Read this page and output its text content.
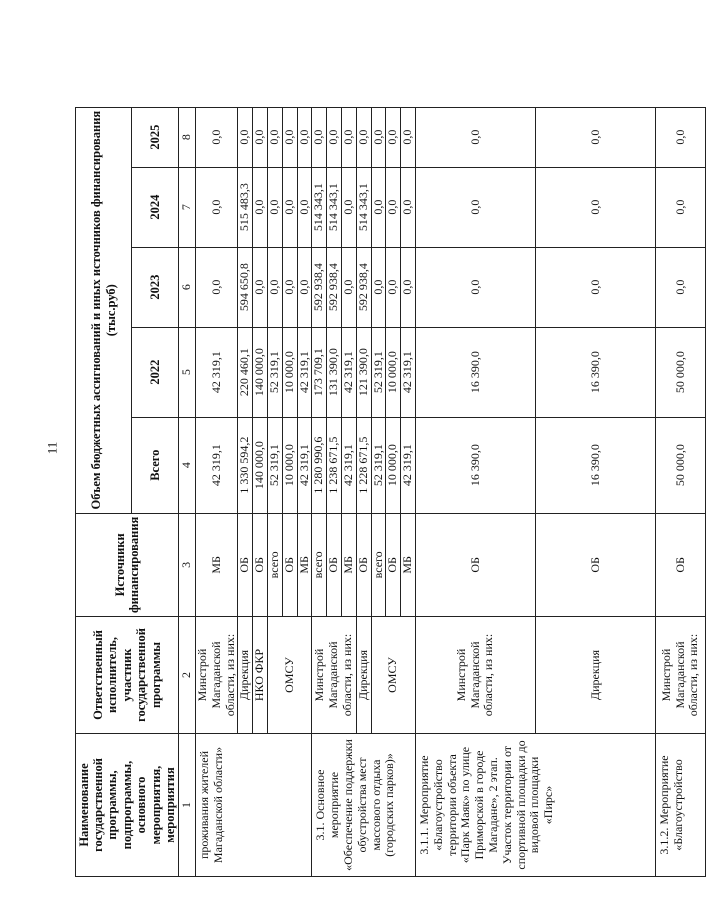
11
Наименование государственной программы, подпрограммы, основного мероприятия, мероприятия	Ответственный исполнитель, участник государственной программы	Источники финансирования	Объем бюджетных ассигнований и иных источников финансирования (тыс.руб)				
			Всего	2022	2023	2024	2025
1	2	3	4	5	6	7	8
проживания жителей Магаданской области»	Минстрой Магаданской области, из них:	МБ	42 319,1	42 319,1	0,0	0,0	0,0
	Дирекция	ОБ	1 330 594,2	220 460,1	594 650,8	515 483,3	0,0
	НКО ФКР	ОБ	140 000,0	140 000,0	0,0	0,0	0,0
	ОМСУ	всего	52 319,1	52 319,1	0,0	0,0	0,0
		ОБ	10 000,0	10 000,0	0,0	0,0	0,0
		МБ	42 319,1	42 319,1	0,0	0,0	0,0
3.1. Основное мероприятие «Обеспечение поддержки обустройства мест массового отдыха (городских парков)»	Минстрой Магаданской области, из них:	всего	1 280 990,6	173 709,1	592 938,4	514 343,1	0,0
		ОБ	1 238 671,5	131 390,0	592 938,4	514 343,1	0,0
		МБ	42 319,1	42 319,1	0,0	0,0	0,0
	Дирекция	ОБ	1 228 671,5	121 390,0	592 938,4	514 343,1	0,0
	ОМСУ	всего	52 319,1	52 319,1	0,0	0,0	0,0
		ОБ	10 000,0	10 000,0	0,0	0,0	0,0
		МБ	42 319,1	42 319,1	0,0	0,0	0,0
3.1.1. Мероприятие «Благоустройство территории объекта «Парк Маяк» по улице Приморской в городе Магадане», 2 этап. Участок территории от спортивной площадки до видовой площадки «Пирс»	Минстрой Магаданской области, из них:	ОБ	16 390,0	16 390,0	0,0	0,0	0,0
	Дирекция	ОБ	16 390,0	16 390,0	0,0	0,0	0,0
3.1.2. Мероприятие «Благоустройство	Минстрой Магаданской области, из них:	ОБ	50 000,0	50 000,0	0,0	0,0	0,0
